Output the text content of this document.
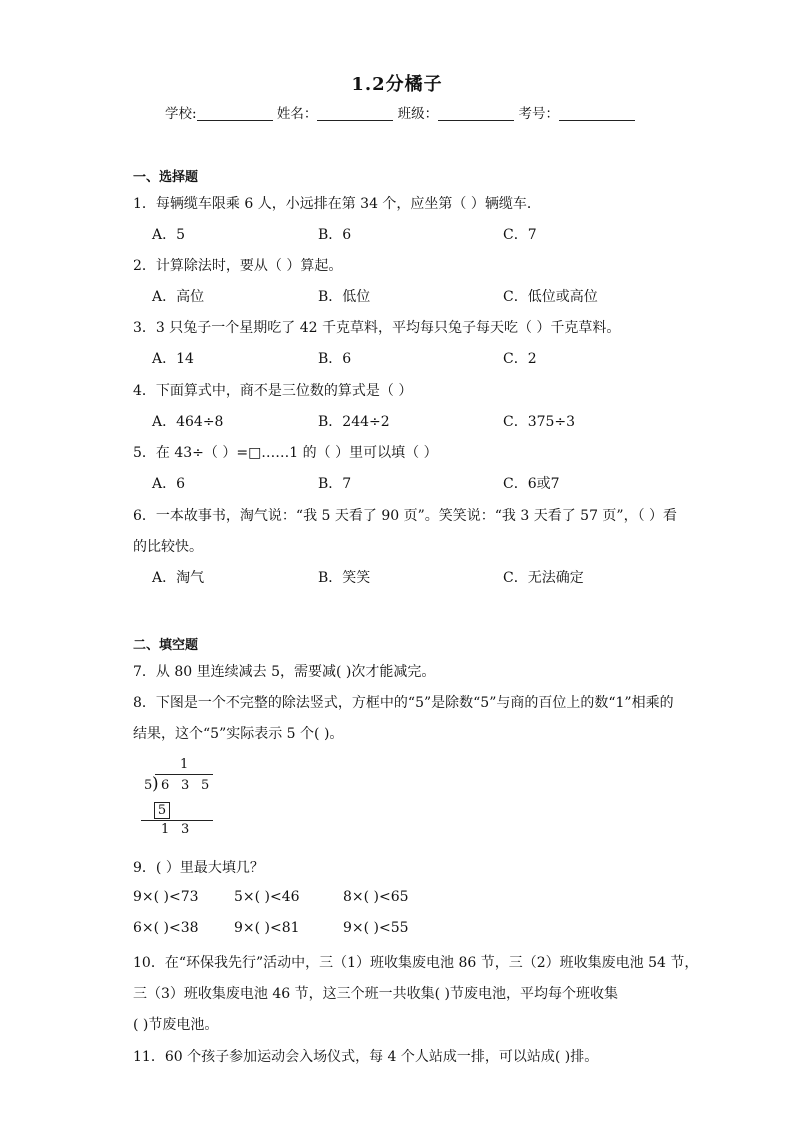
1.2分橘子
学校:	姓名：	班级：	考号：
一、选择题
1．每辆缆车限乘 6 人，小远排在第 34 个，应坐第（ ）辆缆车．
A．5	B．6	C．7
2．计算除法时，要从（ ）算起。
A．高位	B．低位	C．低位或高位
3．3 只兔子一个星期吃了 42 千克草料，平均每只兔子每天吃（ ）千克草料。
A．14	B．6	C．2
4．下面算式中，商不是三位数的算式是（ ）
A．464÷8	B．244÷2	C．375÷3
5．在 43÷（ ）=□……1 的（ ）里可以填（ ）
A．6	B．7	C．6或7
6．一本故事书，淘气说：“我 5 天看了 90 页”。笑笑说：“我 3 天看了 57 页”，（ ）看
的比较快。
A．淘气	B．笑笑	C．无法确定
二、填空题
7．从 80 里连续减去 5，需要减( )次才能减完。
8．下图是一个不完整的除法竖式，方框中的“5”是除数“5”与商的百位上的数“1”相乘的
结果，这个“5”实际表示 5 个( )。
1
5 ) 6 3 5
5
1 3
9．( ）里最大填几？
9×( )<73	5×( )<46	8×( )<65
6×( )<38	9×( )<81	9×( )<55
10．在“环保我先行”活动中，三（1）班收集废电池 86 节，三（2）班收集废电池 54 节，
三（3）班收集废电池 46 节，这三个班一共收集( )节废电池，平均每个班收集
( )节废电池。
11．60 个孩子参加运动会入场仪式，每 4 个人站成一排，可以站成( )排。
